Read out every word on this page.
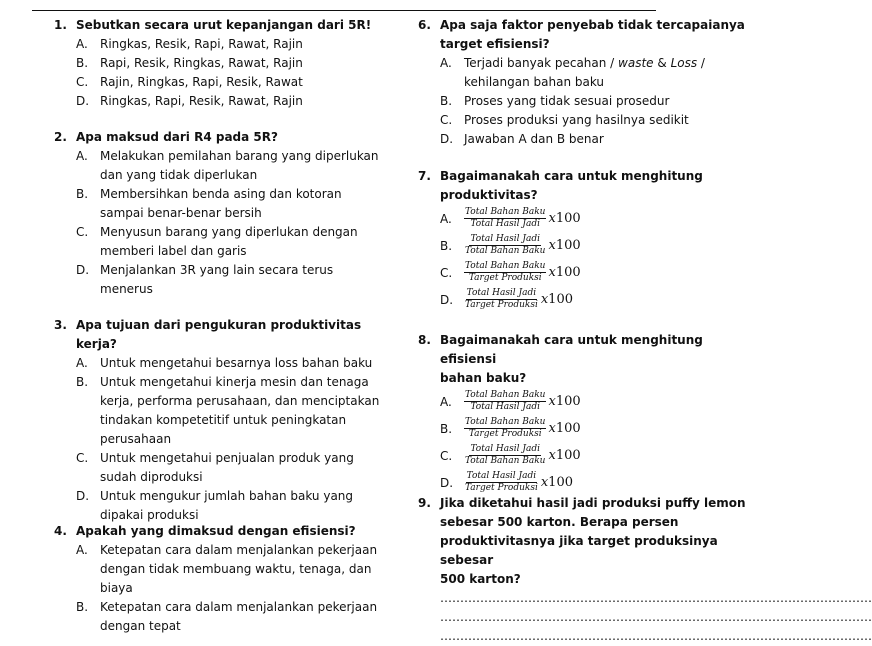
1. Sebutkan secara urut kepanjangan dari 5R!
A.	Ringkas, Resik, Rapi, Rawat, Rajin
B. Rapi, Resik, Ringkas, Rawat, Rajin
C. Rajin, Ringkas, Rapi, Resik, Rawat
D. Ringkas, Rapi, Resik, Rawat, Rajin
2. Apa maksud dari R4 pada 5R?
A.	Melakukan pemilahan barang yang diperlukan
dan yang tidak diperlukan
B. Membersihkan benda asing dan kotoran
sampai benar-benar bersih
C. Menyusun barang yang diperlukan dengan
memberi label dan garis
D. Menjalankan 3R yang lain secara terus
menerus
3. Apa tujuan dari pengukuran produktivitas kerja?
A.	Untuk mengetahui besarnya loss bahan baku
B. Untuk mengetahui kinerja mesin dan tenaga
kerja, performa perusahaan, dan menciptakan
tindakan kompetetitif untuk peningkatan
perusahaan
C. Untuk mengetahui penjualan produk yang
sudah diproduksi
D. Untuk mengukur jumlah bahan baku yang
dipakai produksi
4. Apakah yang dimaksud dengan efisiensi?
A.	Ketepatan cara dalam menjalankan pekerjaan
dengan tidak membuang waktu, tenaga, dan
biaya
B. Ketepatan cara dalam menjalankan pekerjaan
dengan tepat
6. Apa saja faktor penyebab tidak tercapaianya
target efisiensi?
A.	Terjadi banyak pecahan / waste & Loss /
kehilangan bahan baku
B. Proses yang tidak sesuai prosedur
C. Proses produksi yang hasilnya sedikit
D. Jawaban A dan B benar
7. Bagaimanakah cara untuk menghitung
produktivitas?
A.	$\frac{\text{Total Bahan Baku}}{\text{Total Hasil Jadi}} x100$
B.	$\frac{\text{Total Hasil Jadi}}{\text{Total Bahan Baku}} x100$
C.	$\frac{\text{Total Bahan Baku}}{\text{Target Produksi}} x100$
D.	$\frac{\text{Total Hasil Jadi}}{\text{Target Produksi}} x100$
8. Bagaimanakah cara untuk menghitung efisiensi
bahan baku?
A.	$\frac{\text{Total Bahan Baku}}{\text{Total Hasil Jadi}} x100$
B.	$\frac{\text{Total Bahan Baku}}{\text{Target Produksi}} x100$
C.	$\frac{\text{Total Hasil Jadi}}{\text{Total Bahan Baku}} x100$
D.	$\frac{\text{Total Hasil Jadi}}{\text{Target Produksi}} x100$
9. Jika diketahui hasil jadi produksi puffy lemon
sebesar 500 karton. Berapa persen
produktivitasnya jika target produksinya sebesar
500 karton?
………………………………………………………………………………………………
………………………………………………………………………………………………
………………………………………………………………………………………………
